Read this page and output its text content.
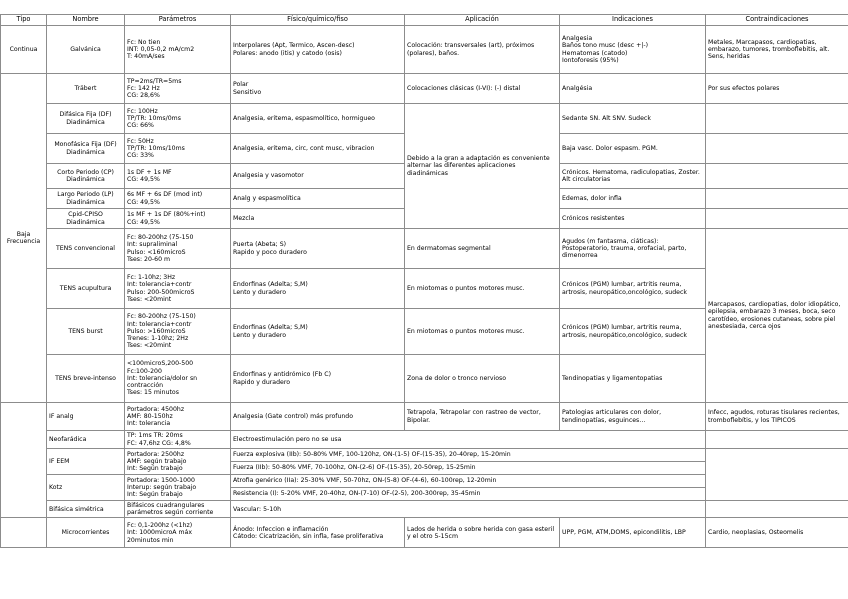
Tipo	Nombre	Parámetros	Físico/químico/fiso	Aplicación	Indicaciones	Contraindicaciones
Continua	Galvánica	Fc: No tien
INT: 0,05-0,2 mA/cm2
T: 40mA/ses	Interpolares (Apt, Termico, Ascen-desc)
Polares: anodo (itis) y catodo (osis)	Colocación: transversales (art), próximos (polares), baños.	Analgesia
Baños tono musc (desc +|-)
Hematomas (catodo)
Iontoforesis (95%)	Metales, Marcapasos, cardiopatias, embarazo, tumores, tromboflebitis, alt. Sens, heridas
Baja
Frecuencia	Träbert	TP=2ms/TR=5ms
Fc: 142 Hz
CG: 28,6%	Polar
Sensitivo	Colocaciones clásicas (I-VI): (-) distal	Analgésia	Por sus efectos polares
	Difásica Fija (DF)
Diadinámica	Fc: 100Hz
TP/TR: 10ms/0ms
CG: 66%	Analgesia, eritema, espasmolítico, hormigueo	Debido a la gran a adaptación es conveniente alternar las diferentes aplicaciones diadinámicas	Sedante SN. Alt SNV. Sudeck	
	Monofásica Fija (DF)
Diadinámica	Fc: 50Hz
TP/TR: 10ms/10ms
CG: 33%	Analgesia, eritema, circ, cont musc, vibracion		Baja vasc. Dolor espasm. PGM.	
	Corto Periodo (CP)
Diadinámica	1s DF + 1s MF
CG: 49,5%	Analgesia y vasomotor		Crónicos. Hematoma, radiculopatias, Zoster. Alt circulatorias	
	Largo Periodo (LP)
Diadinámica	6s MF + 6s DF (mod int)
CG: 49,5%	Analg y espasmolítica		Edemas, dolor infla	
	Cpid-CPISO
Diadinámica	1s MF + 1s DF (80%+int)
CG: 49,5%	Mezcla		Crónicos resistentes	
	TENS convencional	Fc: 80-200hz (75-150
Int: supraliminal
Pulso: <160microS
Tses: 20-60 m	Puerta (Abeta; S)
Rapido y poco duradero	En dermatomas segmental	Agudos (m fantasma, ciáticas): Postoperatorio, trauma, orofacial, parto, dimenorrea	Marcapasos, cardiopatias, dolor idiopático, epilepsia, embarazo 3 meses, boca, seco carotídeo, erosiones cutaneas, sobre piel anestesiada, cerca ojos
	TENS acupultura	Fc: 1-10hz; 3Hz
Int: tolerancia+contr
Pulso: 200-500microS
Tses: <20mint	Endorfinas (Adelta; S,M)
Lento y duradero	En miotomas o puntos motores musc.	Crónicos (PGM) lumbar, artritis reuma, artrosis, neuropático,oncológico, sudeck	
	TENS burst	Fc: 80-200hz (75-150)
Int: tolerancia+contr
Pulso: >160microS
Trenes: 1-10hz; 2Hz
Tses: <20mint	Endorfinas (Adelta; S,M)
Lento y duradero	En miotomas o puntos motores musc.	Crónicos (PGM) lumbar, artritis reuma, artrosis, neuropático,oncológico, sudeck	
	TENS breve-intenso	<100microS,200-500
Fc:100-200
Int: tolerancia/dolor sn contracción
Tses: 15 minutos	Endorfinas y antidrómico (Fb C)
Rapido y duradero	Zona de dolor o tronco nervioso	Tendinopatias y ligamentopatias	
	IF analg	Portadora: 4500hz
AMF: 80-150hz
Int: tolerancia	Analgesia (Gate control) más profundo	Tetrapola, Tetrapolar con rastreo de vector, Bipolar.	Patologias articulares con dolor, tendinopatías, esguinces…	Infecc, agudos, roturas tisulares recientes, tromboflebítis, y los TIPICOS
	Neofarádica	TP: 1ms TR: 20ms
FC: 47,6hz CG: 4,8%	Electroestimulación pero no se usa			
	IF EEM	Portadora: 2500hz
AMF: según trabajo
Int: Según trabajo	Fuerza explosiva (IIb): 50-80% VMF, 100-120hz, ON-(1-5) OF-(15-35), 20-40rep, 15-20min			
			Fuerza (IIb): 50-80% VMF, 70-100hz, ON-(2-6) OF-(15-35), 20-50rep, 15-25min			
	Kotz	Portadora: 1500-1000
Interup: según trabajo
Int: Según trabajo	Atrofia genérico (IIa): 25-30% VMF, 50-70hz, ON-(5-8) OF-(4-6), 60-100rep, 12-20min			
			Resistencia (I): 5-20% VMF, 20-40hz, ON-(7-10) OF-(2-5), 200-300rep, 35-45min			
	Bifásica simétrica	Bifásicos cuadrangulares parámetros según corriente	Vascular: 5-10h			
	Microcorrientes	Fc: 0,1-200hz (<1hz)
Int: 1000microA máx
20minutos min	Ánodo: Infeccion e inflamación
Cátodo: Cicatrización, sin infla, fase proliferativa	Lados de herida o sobre herida con gasa esteril y el otro 5-15cm	UPP, PGM, ATM,DOMS, epicondilitis, LBP	Cardio, neoplasias, Osteomelis
